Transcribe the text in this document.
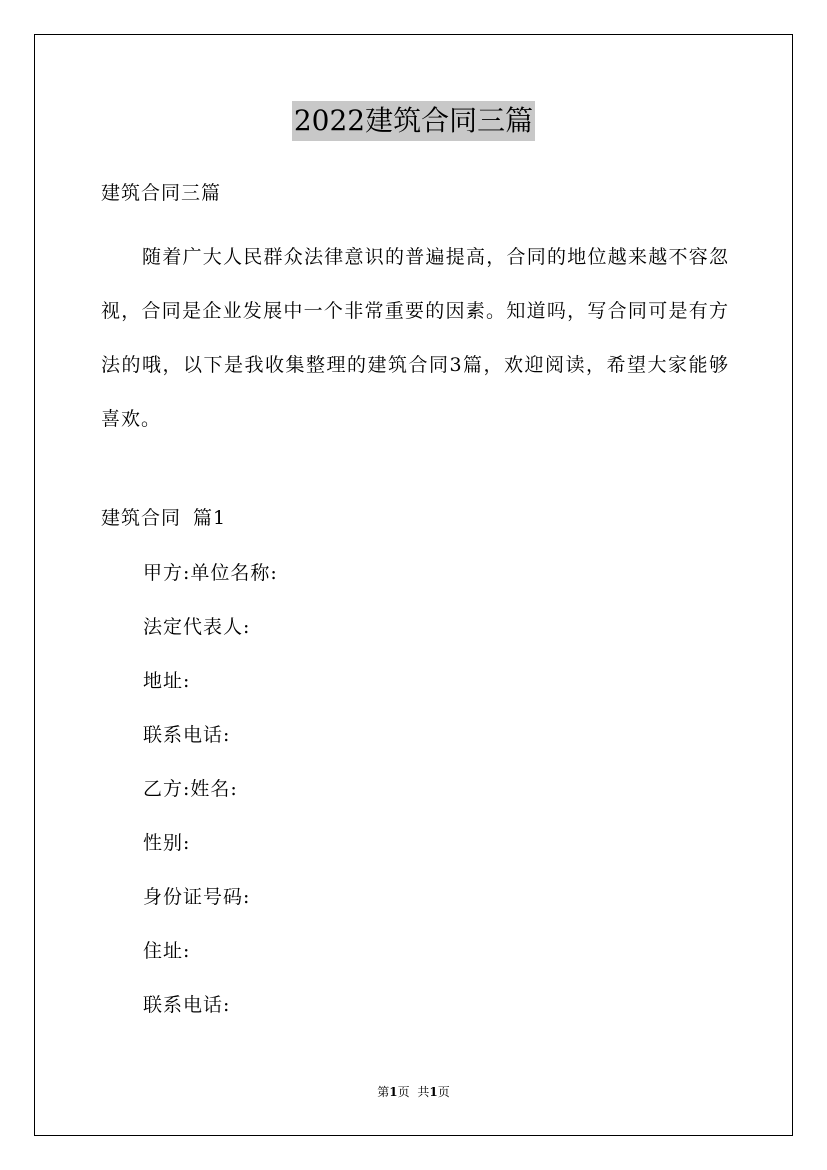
2022建筑合同三篇
建筑合同三篇

随着广大人民群众法律意识的普遍提高，合同的地位越来越不容忽视，合同是企业发展中一个非常重要的因素。知道吗，写合同可是有方法的哦，以下是我收集整理的建筑合同3篇，欢迎阅读，希望大家能够喜欢。

建筑合同 篇1
甲方:单位名称:
法定代表人:
地址:
联系电话:
乙方:姓名:
性别:
身份证号码:
住址:
联系电话:
第1页 共1页
